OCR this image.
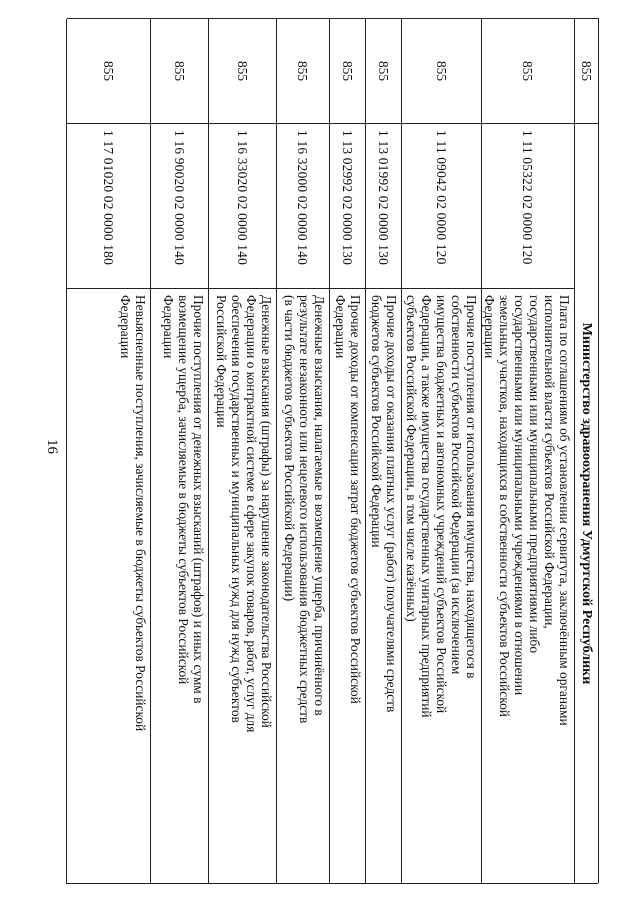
16
855
Министерство здравоохранения Удмуртской Республики
855
1 11 05322 02 0000 120
Плата по соглашениям об установлении сервитута, заключённым органами
исполнительной власти субъектов Российской Федерации,
государственными или муниципальными предприятиями либо
государственными или муниципальными учреждениями в отношении
земельных участков, находящихся в собственности субъектов Российской
Федерации
855
1 11 09042 02 0000 120
Прочие поступления от использования имущества, находящегося в
собственности субъектов Российской Федерации (за исключением
имущества бюджетных и автономных учреждений субъектов Российской
Федерации, а также имущества государственных унитарных предприятий
субъектов Российской Федерации, в том числе казённых)
855
1 13 01992 02 0000 130
Прочие доходы от оказания платных услуг (работ) получателями средств
бюджетов субъектов Российской Федерации
855
1 13 02992 02 0000 130
Прочие доходы от компенсации затрат бюджетов субъектов Российской
Федерации
855
1 16 32000 02 0000 140
Денежные взыскания, налагаемые в возмещение ущерба, причинённого в
результате незаконного или нецелевого использования бюджетных средств
(в части бюджетов субъектов Российской Федерации)
855
1 16 33020 02 0000 140
Денежные взыскания (штрафы) за нарушение законодательства Российской
Федерации о контрактной системе в сфере закупок товаров, работ, услуг для
обеспечения государственных и муниципальных нужд для нужд субъектов
Российской Федерации
855
1 16 90020 02 0000 140
Прочие поступления от денежных взысканий (штрафов) и иных сумм в
возмещение ущерба, зачисляемые в бюджеты субъектов Российской
Федерации
855
1 17 01020 02 0000 180
Невыясненные поступления, зачисляемые в бюджеты субъектов Российской
Федерации
